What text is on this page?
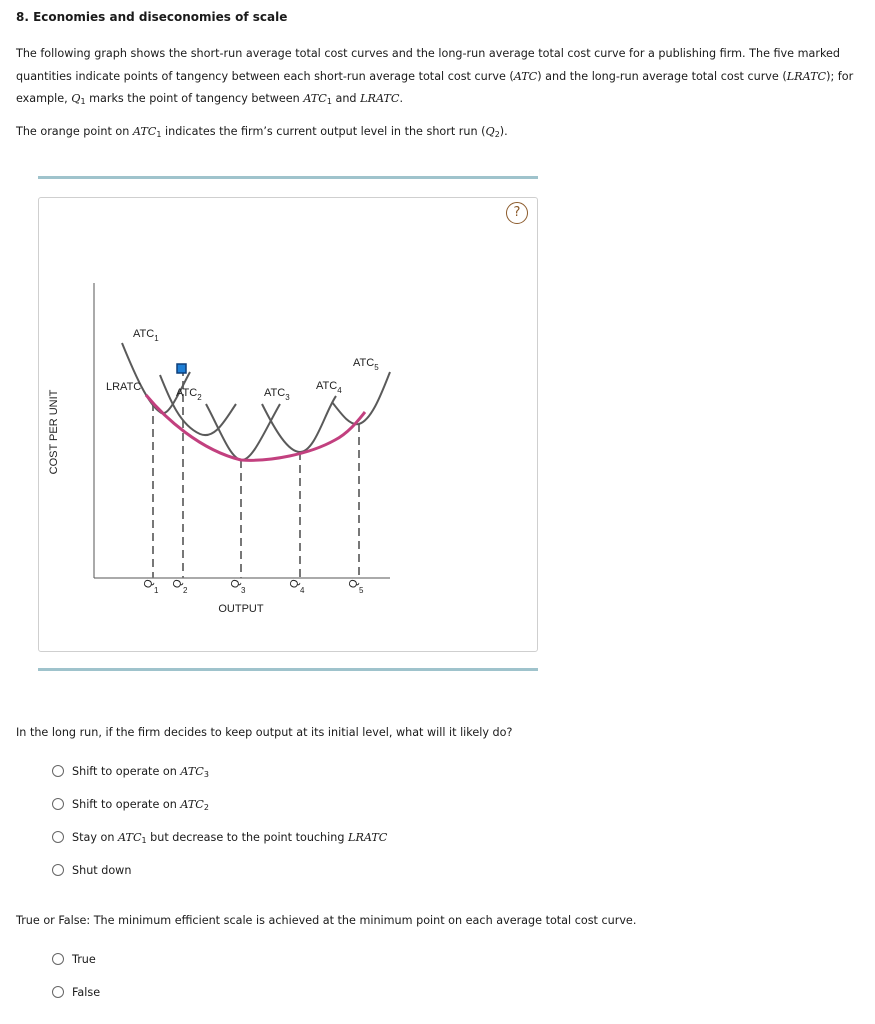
8. Economies and diseconomies of scale
The following graph shows the short-run average total cost curves and the long-run average total cost curve for a publishing firm. The five marked
quantities indicate points of tangency between each short-run average total cost curve (ATC) and the long-run average total cost curve (LRATC); for
example, $Q_1$ marks the point of tangency between $ATC_1$ and LRATC.
The orange point on $ATC_1$ indicates the firm’s current output level in the short run $(Q_2)$.
?
$ATC_1$
$ATC_2$	$ATC_3$
$ATC_4$
$ATC_5$
LRATC
Q
1
Q
2
Q
3
Q
4
Q
5
OUTPUT
COST PER UNIT
In the long run, if the firm decides to keep output at its initial level, what will it likely do?
Shift to operate on $ATC_3$
Shift to operate on $ATC_2$
Stay on $ATC_1$ but decrease to the point touching LRATC
Shut down
True or False: The minimum efficient scale is achieved at the minimum point on each average total cost curve.
True
False
